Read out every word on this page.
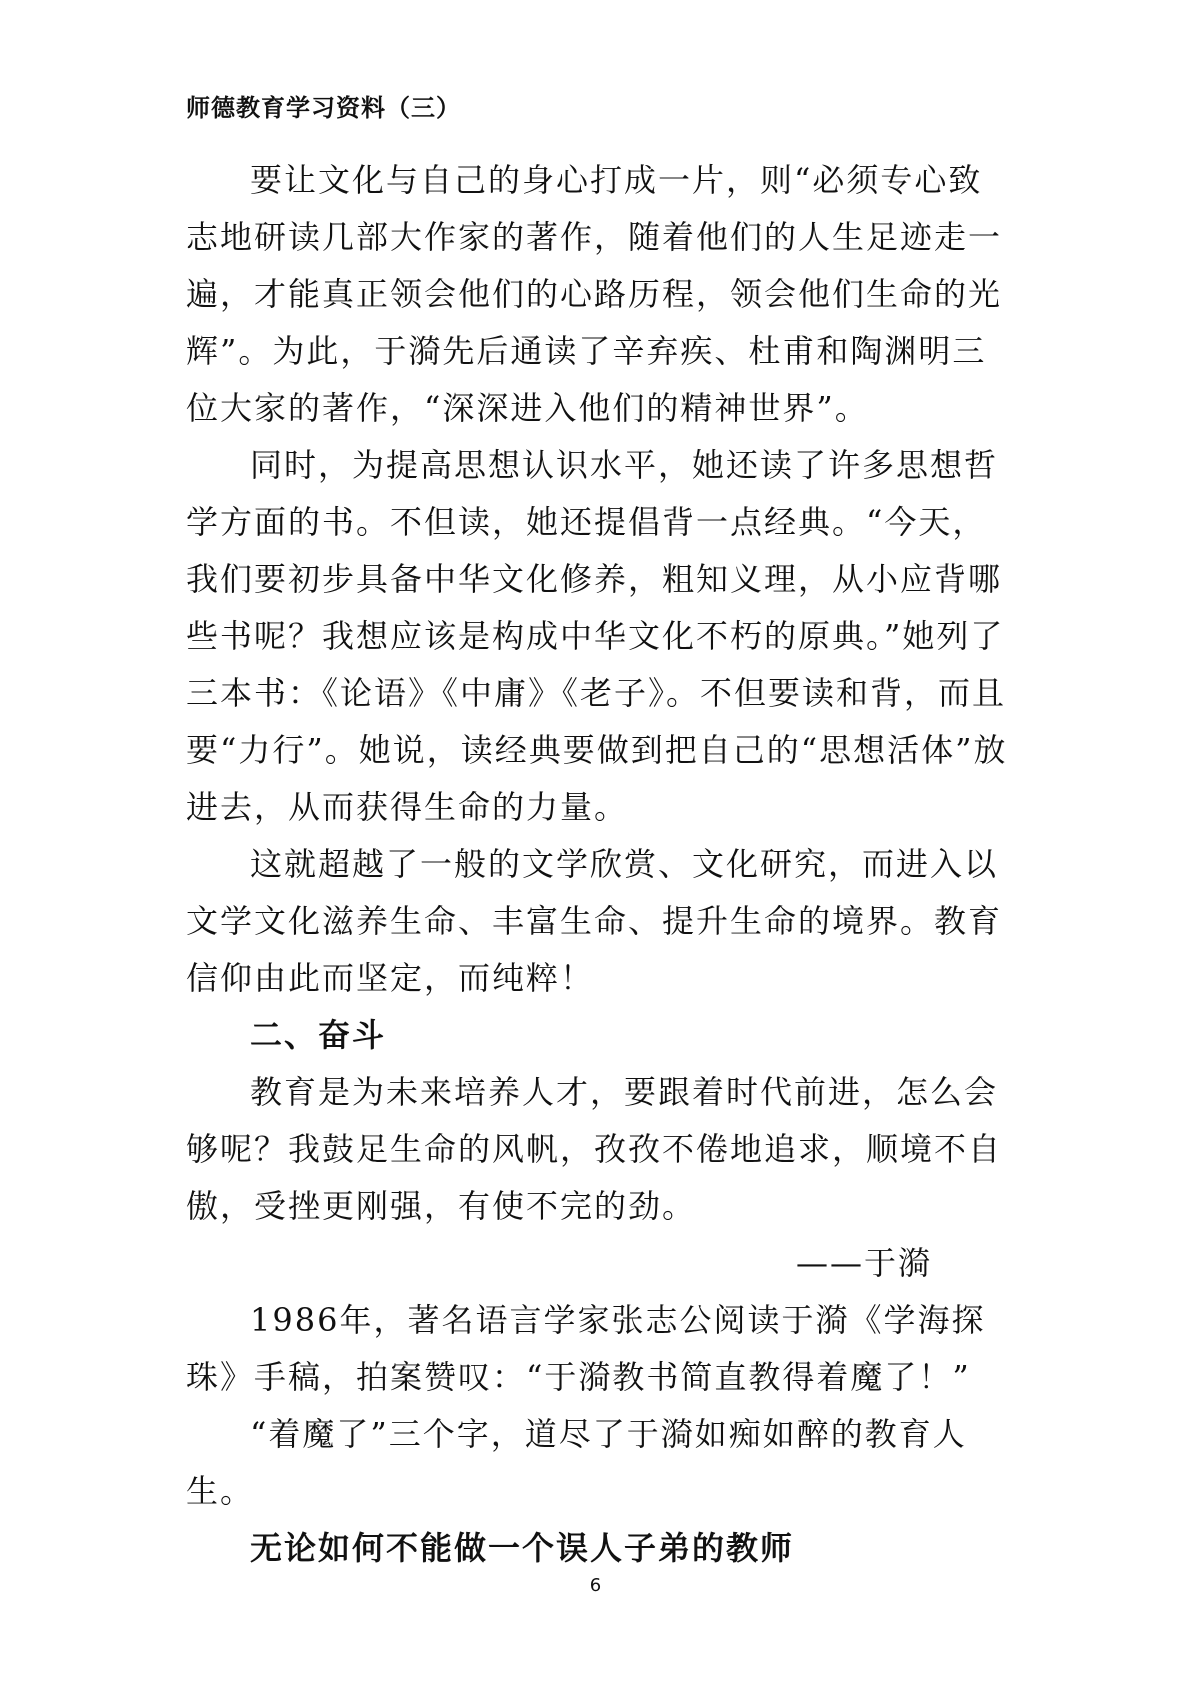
师德教育学习资料（三）

要让文化与自己的身心打成一片，则“必须专心致志地研读几部大作家的著作，随着他们的人生足迹走一遍，才能真正领会他们的心路历程，领会他们生命的光辉”。为此，于漪先后通读了辛弃疾、杜甫和陶渊明三位大家的著作，“深深进入他们的精神世界”。

同时，为提高思想认识水平，她还读了许多思想哲学方面的书。不但读，她还提倡背一点经典。“今天，我们要初步具备中华文化修养，粗知义理，从小应背哪些书呢？我想应该是构成中华文化不朽的原典。”她列了三本书：《论语》《中庸》《老子》。不但要读和背，而且要“力行”。她说，读经典要做到把自己的“思想活体”放进去，从而获得生命的力量。

这就超越了一般的文学欣赏、文化研究，而进入以文学文化滋养生命、丰富生命、提升生命的境界。教育信仰由此而坚定，而纯粹！

二、奋斗

教育是为未来培养人才，要跟着时代前进，怎么会够呢？我鼓足生命的风帆，孜孜不倦地追求，顺境不自傲，受挫更刚强，有使不完的劲。

——于漪

1986年，著名语言学家张志公阅读于漪《学海探珠》手稿，拍案赞叹：“于漪教书简直教得着魔了！”

“着魔了”三个字，道尽了于漪如痴如醉的教育人生。

无论如何不能做一个误人子弟的教师

6
